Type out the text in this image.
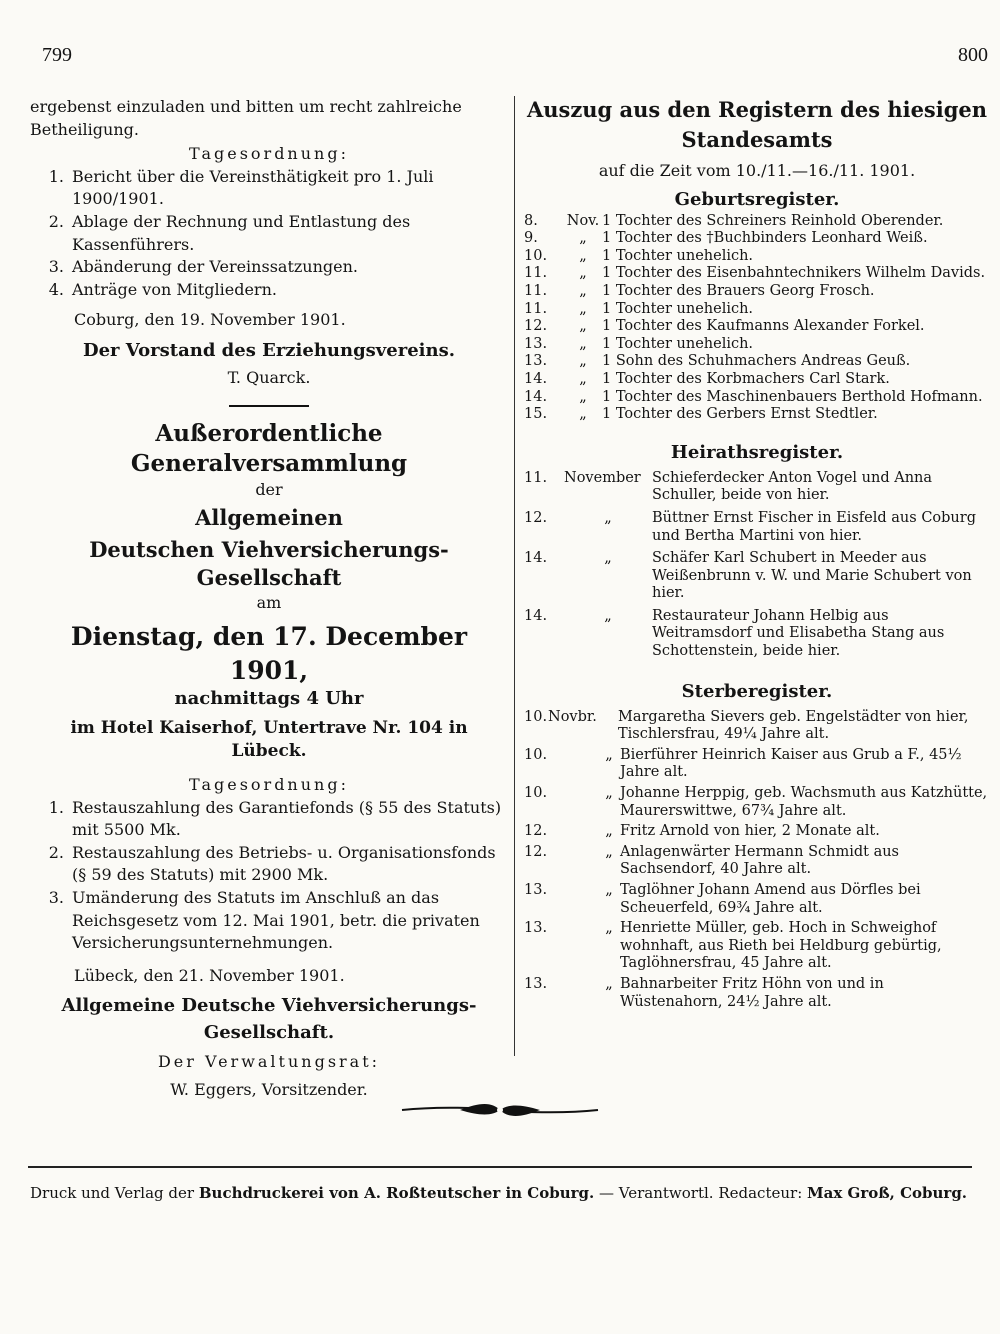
799	800

ergebenst einzuladen und bitten um recht zahlreiche

Betheiligung.

Tagesordnung:

1. Bericht über die Vereinsthätigkeit pro 1. Juli 1900/1901.
2. Ablage der Rechnung und Entlastung des Kassenführers.
3. Abänderung der Vereinssatzungen.
4. Anträge von Mitgliedern.

Coburg, den 19. November 1901.

Der Vorstand des Erziehungsvereins.

T. Quarck.

Außerordentliche Generalversammlung

der

Allgemeinen

Deutschen Viehversicherungs-Gesellschaft

am

Dienstag, den 17. December 1901,

nachmittags 4 Uhr

im Hotel Kaiserhof, Untertrave Nr. 104 in Lübeck.

Tagesordnung:

1. Restauszahlung des Garantiefonds (§ 55 des Statuts) mit 5500 Mk.
2. Restauszahlung des Betriebs- u. Organisationsfonds (§ 59 des Statuts) mit 2900 Mk.
3. Umänderung des Statuts im Anschluß an das Reichsgesetz vom 12. Mai 1901, betr. die privaten Versicherungsunternehmungen.

Lübeck, den 21. November 1901.

Allgemeine Deutsche Viehversicherungs-

Gesellschaft.

Der Verwaltungsrat:

W. Eggers, Vorsitzender.

Auszug aus den Registern des hiesigen

Standesamts

auf die Zeit vom 10./11.—16./11. 1901.

Geburtsregister.

8.	Nov. 1 Tochter des Schreiners Reinhold Oberender.
9.	„	1 Tochter des †Buchbinders Leonhard Weiß.
10.	„	1 Tochter unehelich.
11.	„	1 Tochter des Eisenbahntechnikers Wilhelm Davids.
11.	„	1 Tochter des Brauers Georg Frosch.
11.	„	1 Tochter unehelich.
12.	„	1 Tochter des Kaufmanns Alexander Forkel.
13.	„	1 Tochter unehelich.
13.	„	1 Sohn des Schuhmachers Andreas Geuß.
14.	„	1 Tochter des Korbmachers Carl Stark.
14.	„	1 Tochter des Maschinenbauers Berthold Hofmann.
15.	„	1 Tochter des Gerbers Ernst Stedtler.

Heirathsregister.

11.	November Schieferdecker Anton Vogel und Anna Schuller, beide von hier.
12.	„	Büttner Ernst Fischer in Eisfeld aus Coburg und Bertha Martini von hier.
14.	„	Schäfer Karl Schubert in Meeder aus Weißenbrunn v. W. und Marie Schubert von hier.
14.	„	Restaurateur Johann Helbig aus Weitramsdorf und Elisabetha Stang aus Schottenstein, beide hier.

Sterberegister.

10. Novbr.	Margaretha Sievers geb. Engelstädter von hier, Tischlersfrau, 49¼ Jahre alt.
10.	„ Bierführer Heinrich Kaiser aus Grub a F., 45½ Jahre alt.
10.	„ Johanne Herppig, geb. Wachsmuth aus Katzhütte, Maurerswittwe, 67¾ Jahre alt.
12.	„ Fritz Arnold von hier, 2 Monate alt.
12.	„ Anlagenwärter Hermann Schmidt aus Sachsendorf, 40 Jahre alt.
13.	„ Taglöhner Johann Amend aus Dörfles bei Scheuerfeld, 69¾ Jahre alt.
13.	„ Henriette Müller, geb. Hoch in Schweighof wohnhaft, aus Rieth bei Heldburg gebürtig, Taglöhnersfrau, 45 Jahre alt.
13.	„ Bahnarbeiter Fritz Höhn von und in Wüstenahorn, 24½ Jahre alt.
Druck und Verlag der Buchdruckerei von A. Roßteutscher in Coburg. — Verantwortl. Redacteur: Max Groß, Coburg.
